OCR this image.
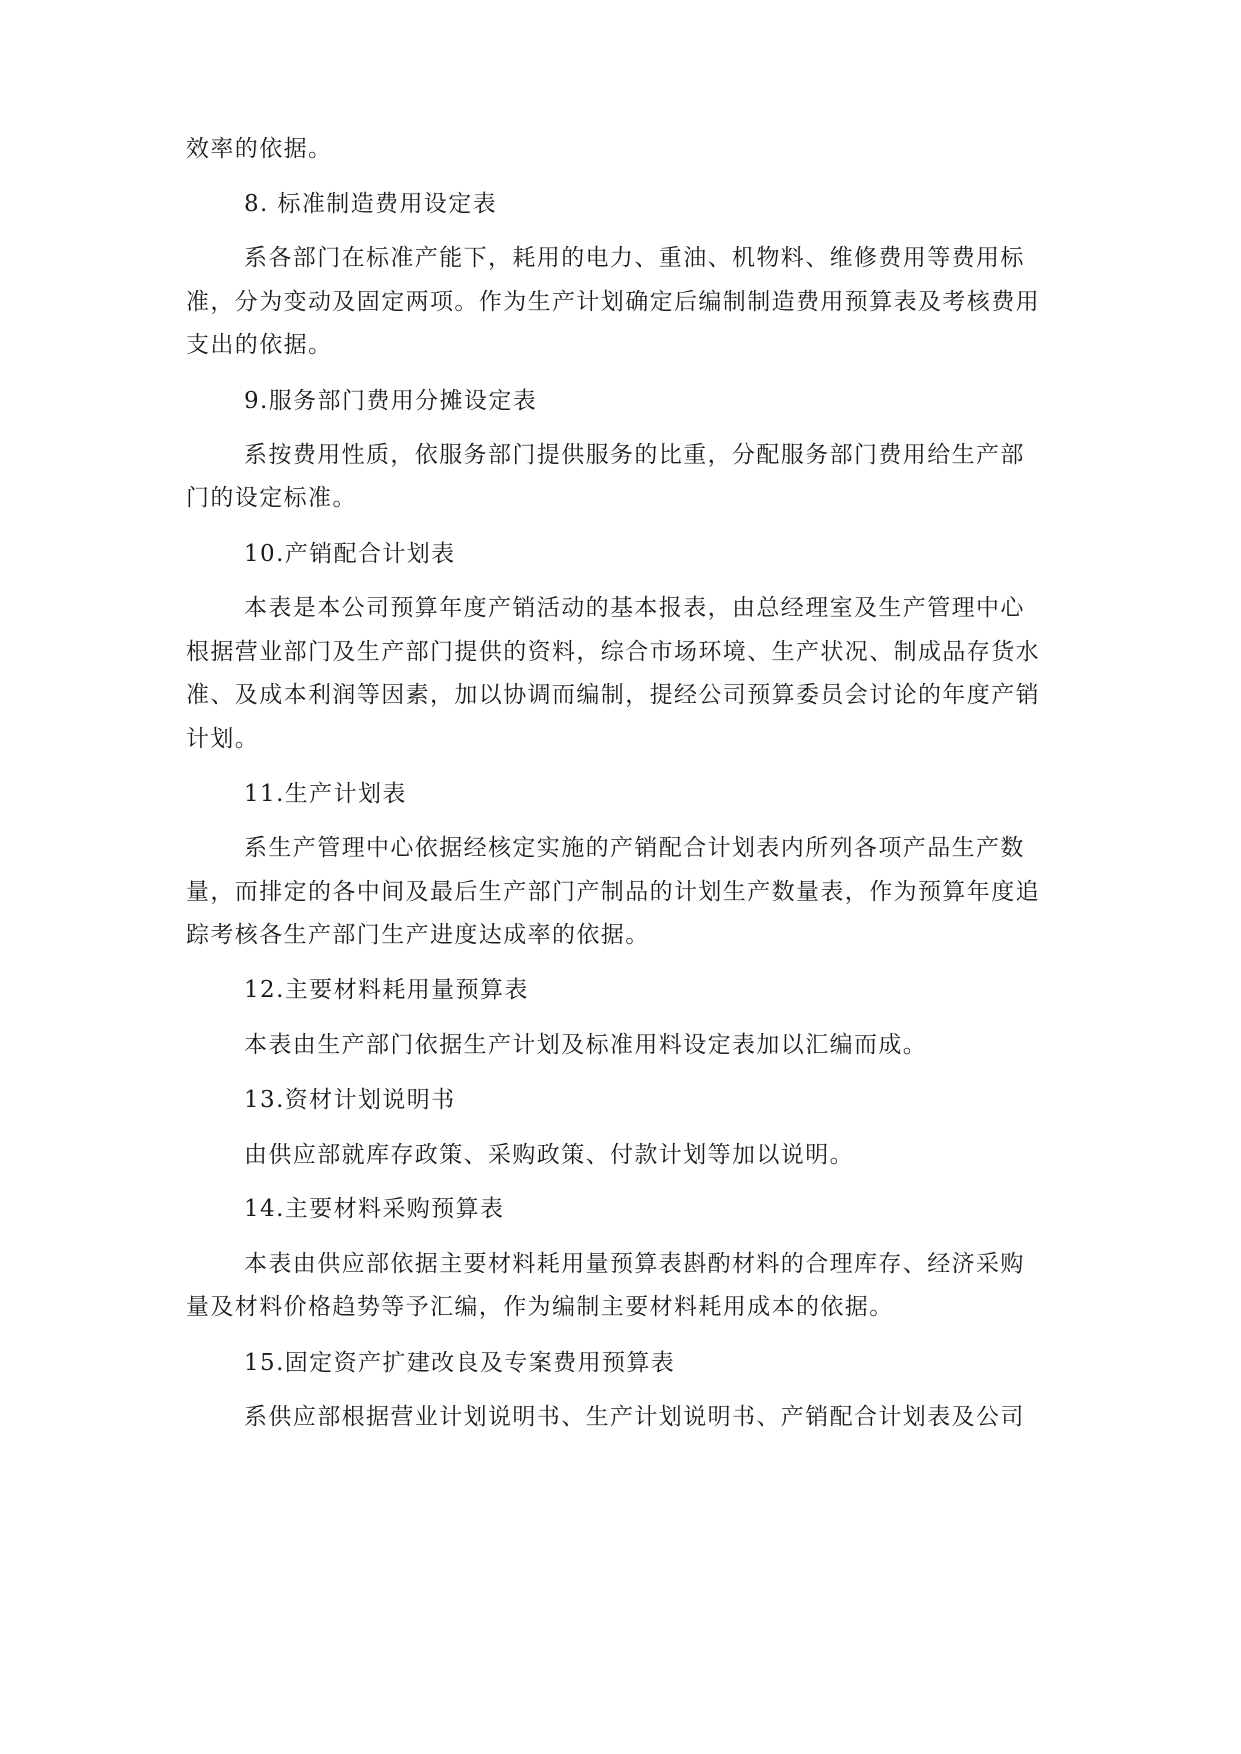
效率的依据。
8. 标准制造费用设定表
系各部门在标准产能下，耗用的电力、重油、机物料、维修费用等费用标
准，分为变动及固定两项。作为生产计划确定后编制制造费用预算表及考核费用
支出的依据。
9.服务部门费用分摊设定表
系按费用性质，依服务部门提供服务的比重，分配服务部门费用给生产部
门的设定标准。
10.产销配合计划表
本表是本公司预算年度产销活动的基本报表，由总经理室及生产管理中心
根据营业部门及生产部门提供的资料，综合市场环境、生产状况、制成品存货水
准、及成本利润等因素，加以协调而编制，提经公司预算委员会讨论的年度产销
计划。
11.生产计划表
系生产管理中心依据经核定实施的产销配合计划表内所列各项产品生产数
量，而排定的各中间及最后生产部门产制品的计划生产数量表，作为预算年度追
踪考核各生产部门生产进度达成率的依据。
12.主要材料耗用量预算表
本表由生产部门依据生产计划及标准用料设定表加以汇编而成。
13.资材计划说明书
由供应部就库存政策、采购政策、付款计划等加以说明。
14.主要材料采购预算表
本表由供应部依据主要材料耗用量预算表斟酌材料的合理库存、经济采购
量及材料价格趋势等予汇编，作为编制主要材料耗用成本的依据。
15.固定资产扩建改良及专案费用预算表
系供应部根据营业计划说明书、生产计划说明书、产销配合计划表及公司
